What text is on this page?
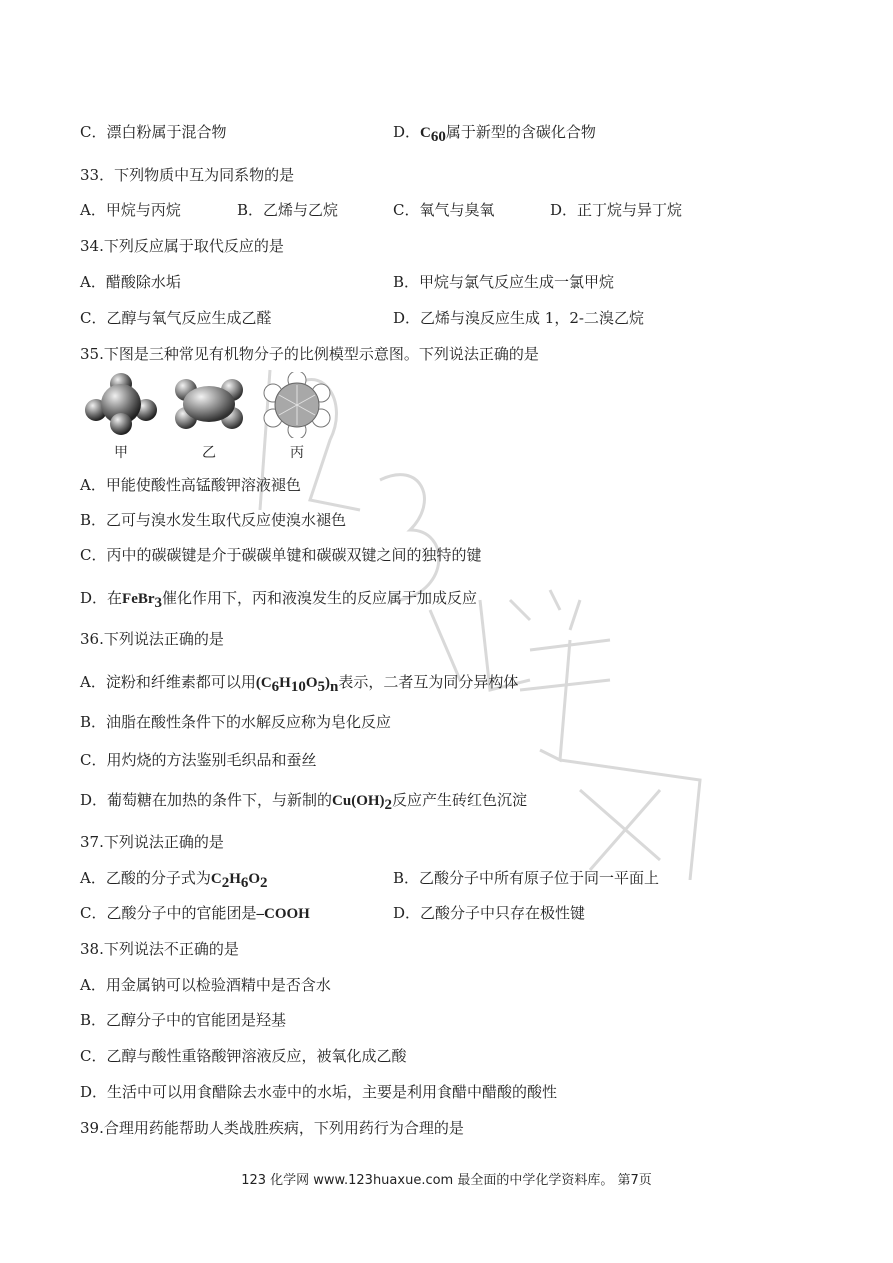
C．漂白粉属于混合物	D．$C_{60}$属于新型的含碳化合物
33．下列物质中互为同系物的是
A．甲烷与丙烷	B．乙烯与乙烷	C．氧气与臭氧	D．正丁烷与异丁烷
34.下列反应属于取代反应的是
A．醋酸除水垢	B．甲烷与氯气反应生成一氯甲烷
C．乙醇与氧气反应生成乙醛	D．乙烯与溴反应生成 1，2-二溴乙烷
35.下图是三种常见有机物分子的比例模型示意图。下列说法正确的是
甲	乙	丙
A．甲能使酸性高锰酸钾溶液褪色
B．乙可与溴水发生取代反应使溴水褪色
C．丙中的碳碳键是介于碳碳单键和碳碳双键之间的独特的键
D．在FeBr$_3$催化作用下，丙和液溴发生的反应属于加成反应
36.下列说法正确的是
A．淀粉和纤维素都可以用$(C_6H_{10}O_5)_n$表示，二者互为同分异构体
B．油脂在酸性条件下的水解反应称为皂化反应
C．用灼烧的方法鉴别毛织品和蚕丝
D．葡萄糖在加热的条件下，与新制的$Cu(OH)_2$反应产生砖红色沉淀
37.下列说法正确的是
A．乙酸的分子式为$C_2H_6O_2$	B．乙酸分子中所有原子位于同一平面上
C．乙酸分子中的官能团是–COOH	D．乙酸分子中只存在极性键
38.下列说法不正确的是
A．用金属钠可以检验酒精中是否含水
B．乙醇分子中的官能团是羟基
C．乙醇与酸性重铬酸钾溶液反应，被氧化成乙酸
D．生活中可以用食醋除去水壶中的水垢，主要是利用食醋中醋酸的酸性
39.合理用药能帮助人类战胜疾病，下列用药行为合理的是
123 化学网 www.123huaxue.com 最全面的中学化学资料库。 第7页
